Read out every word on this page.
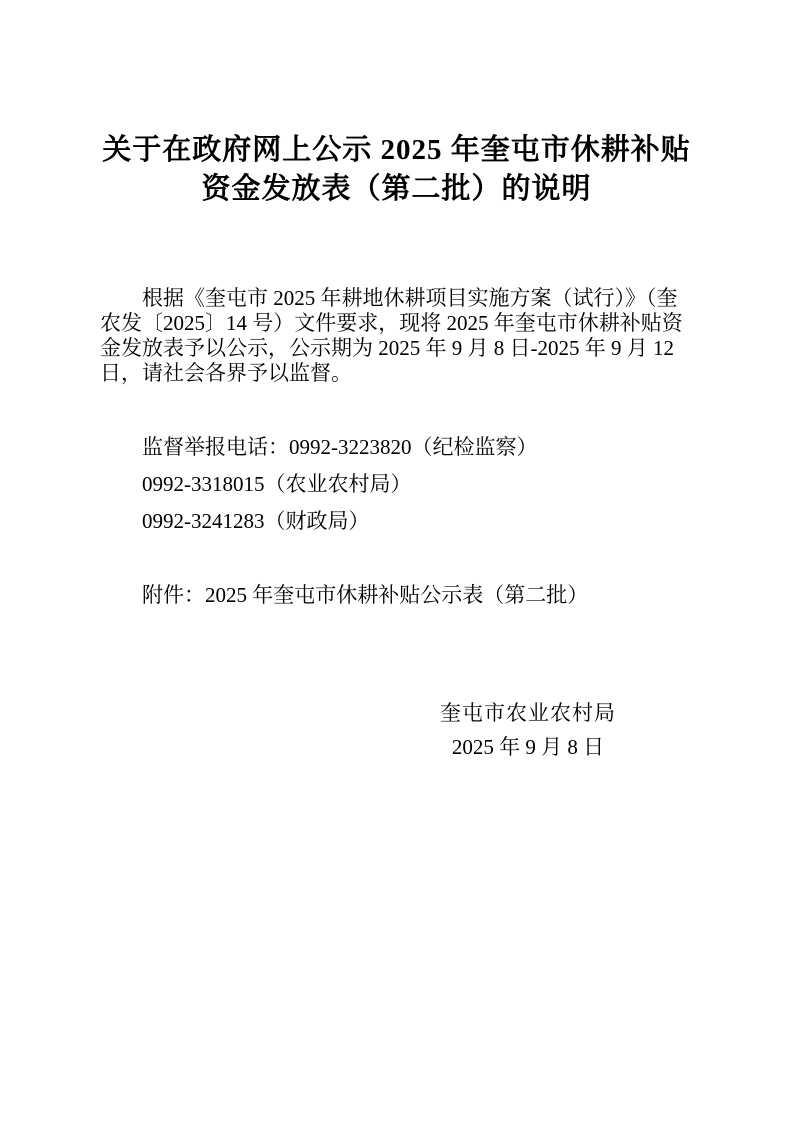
关于在政府网上公示 2025 年奎屯市休耕补贴
资金发放表（第二批）的说明
根据《奎屯市 2025 年耕地休耕项目实施方案（试行）》（奎
农发〔2025〕14 号）文件要求，现将 2025 年奎屯市休耕补贴资
金发放表予以公示，公示期为 2025 年 9 月 8 日-2025 年 9 月 12
日，请社会各界予以监督。
监督举报电话：0992-3223820（纪检监察）
0992-3318015（农业农村局）
0992-3241283（财政局）
附件：2025 年奎屯市休耕补贴公示表（第二批）
奎屯市农业农村局
2025 年 9 月 8 日
